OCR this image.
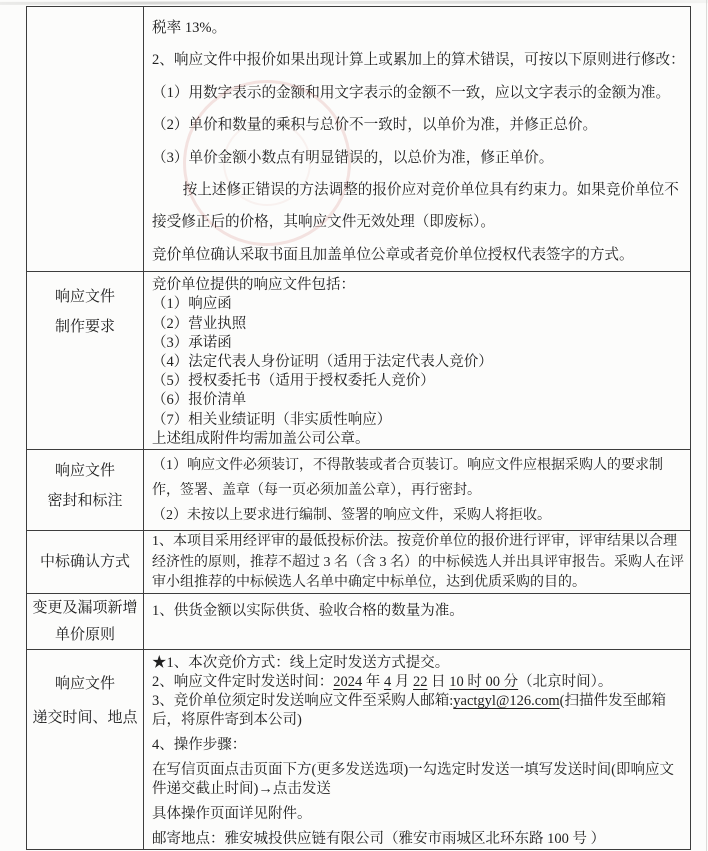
税率 13%。

2、响应文件中报价如果出现计算上或累加上的算术错误，可按以下原则进行修改：

（1）用数字表示的金额和用文字表示的金额不一致，应以文字表示的金额为准。

（2）单价和数量的乘积与总价不一致时，以单价为准，并修正总价。

（3）单价金额小数点有明显错误的，以总价为准，修正单价。

按上述修正错误的方法调整的报价应对竞价单位具有约束力。如果竞价单位不接受修正后的价格，其响应文件无效处理（即废标）。

竞价单位确认采取书面且加盖单位公章或者竞价单位授权代表签字的方式。

响应文件

制作要求

竞价单位提供的响应文件包括：

（1）响应函

（2）营业执照

（3）承诺函

（4）法定代表人身份证明（适用于法定代表人竞价）

（5）授权委托书（适用于授权委托人竞价）

（6）报价清单

（7）相关业绩证明（非实质性响应）

上述组成附件均需加盖公司公章。

响应文件

密封和标注

（1）响应文件必须装订，不得散装或者合页装订。响应文件应根据采购人的要求制作，签署、盖章（每一页必须加盖公章），再行密封。

（2）未按以上要求进行编制、签署的响应文件，采购人将拒收。

中标确认方式

1、本项目采用经评审的最低投标价法。按竞价单位的报价进行评审，评审结果以合理经济性的原则，推荐不超过 3 名（含 3 名）的中标候选人并出具评审报告。采购人在评审小组推荐的中标候选人名单中确定中标单位，达到优质采购的目的。

变更及漏项新增

单价原则

1、供货金额以实际供货、验收合格的数量为准。

响应文件

递交时间、地点

★1、本次竞价方式：线上定时发送方式提交。

2、响应文件定时发送时间：2024 年 4 月 22 日 10 时 00 分（北京时间）。

3、竞价单位须定时发送响应文件至采购人邮箱:yactgyl@126.com(扫描件发至邮箱后，将原件寄到本公司)

4、操作步骤：

在写信页面点击页面下方(更多发送选项)一勾选定时发送一填写发送时间(即响应文件递交截止时间)→点击发送

具体操作页面详见附件。

邮寄地点：雅安城投供应链有限公司（雅安市雨城区北环东路 100 号 ）
